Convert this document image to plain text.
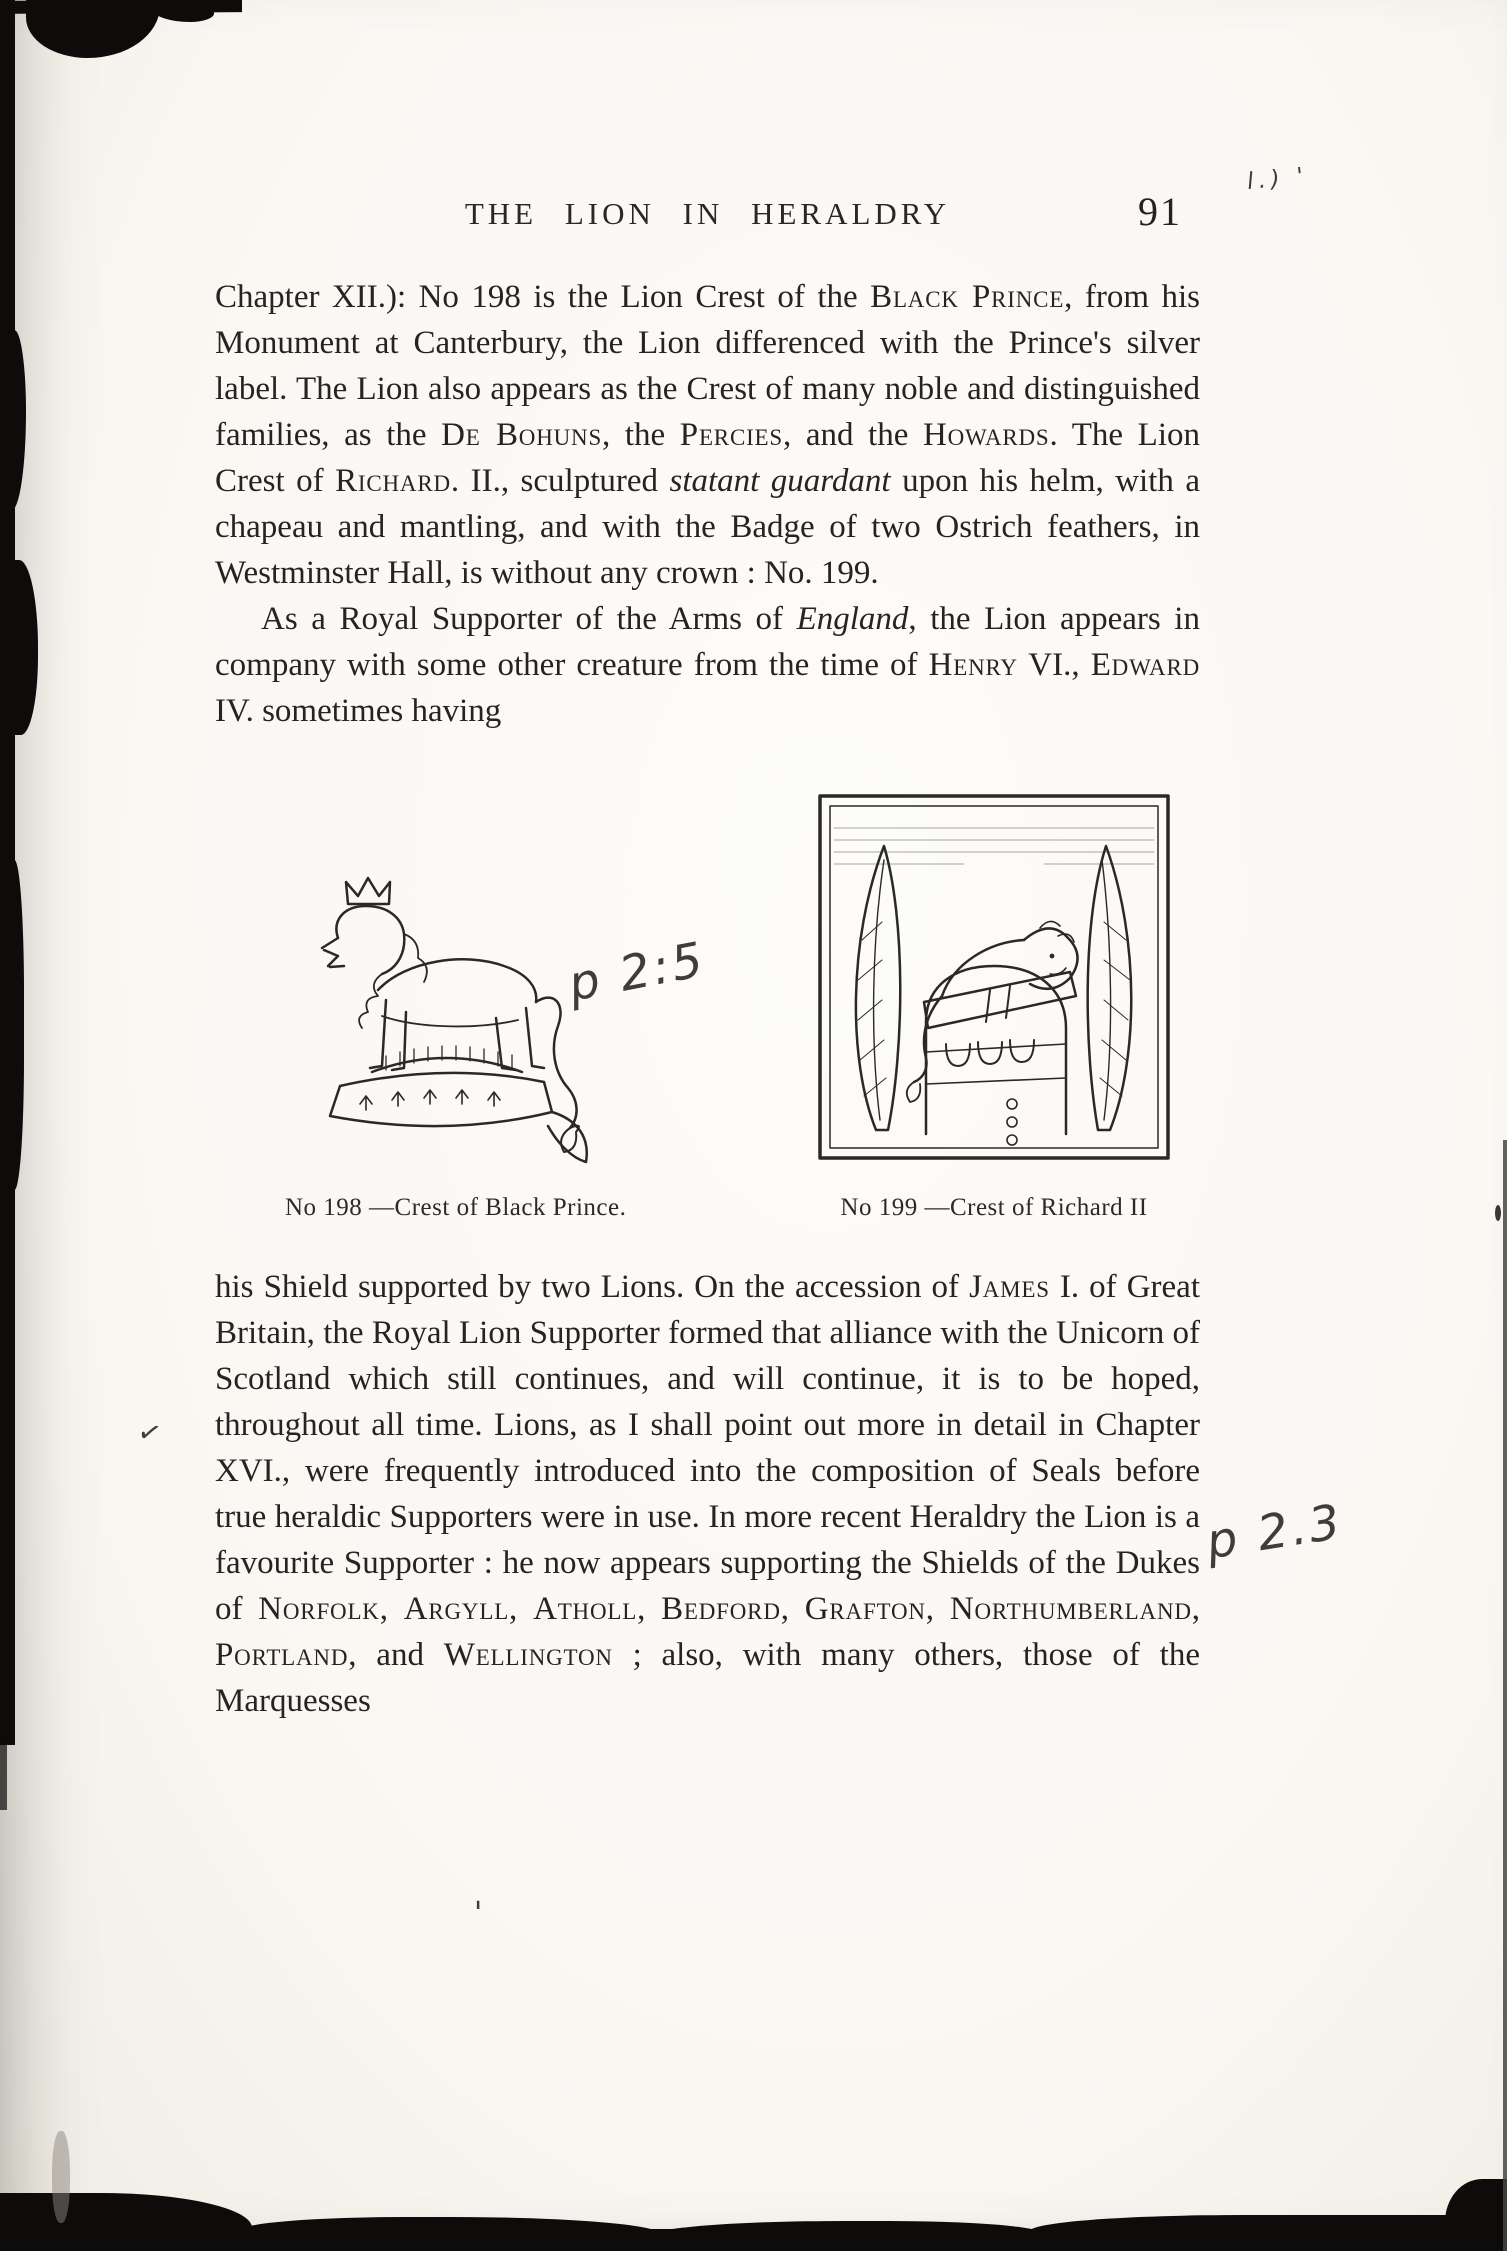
THE LION IN HERALDRY	91

Chapter XII.): No 198 is the Lion Crest of the Black Prince, from his Monument at Canterbury, the Lion differenced with the Prince's silver label. The Lion also appears as the Crest of many noble and distinguished families, as the De Bohuns, the Percies, and the Howards. The Lion Crest of Richard. II., sculptured statant guardant upon his helm, with a chapeau and mantling, and with the Badge of two Ostrich feathers, in Westminster Hall, is without any crown : No. 199.

As a Royal Supporter of the Arms of England, the Lion appears in company with some other creature from the time of Henry VI., Edward IV. sometimes having

No 198 —Crest of Black Prince.	No 199 —Crest of Richard II

his Shield supported by two Lions. On the accession of James I. of Great Britain, the Royal Lion Supporter formed that alliance with the Unicorn of Scotland which still continues, and will continue, it is to be hoped, throughout all time. Lions, as I shall point out more in detail in Chapter XVI., were frequently introduced into the composition of Seals before true heraldic Supporters were in use. In more recent Heraldry the Lion is a favourite Supporter : he now appears supporting the Shields of the Dukes of Norfolk, Argyll, Atholl, Bedford, Grafton, Northumberland, Portland, and Wellington ; also, with many others, those of the Marquesses

l.) '
p 2:5
p 2.3
✓
'
